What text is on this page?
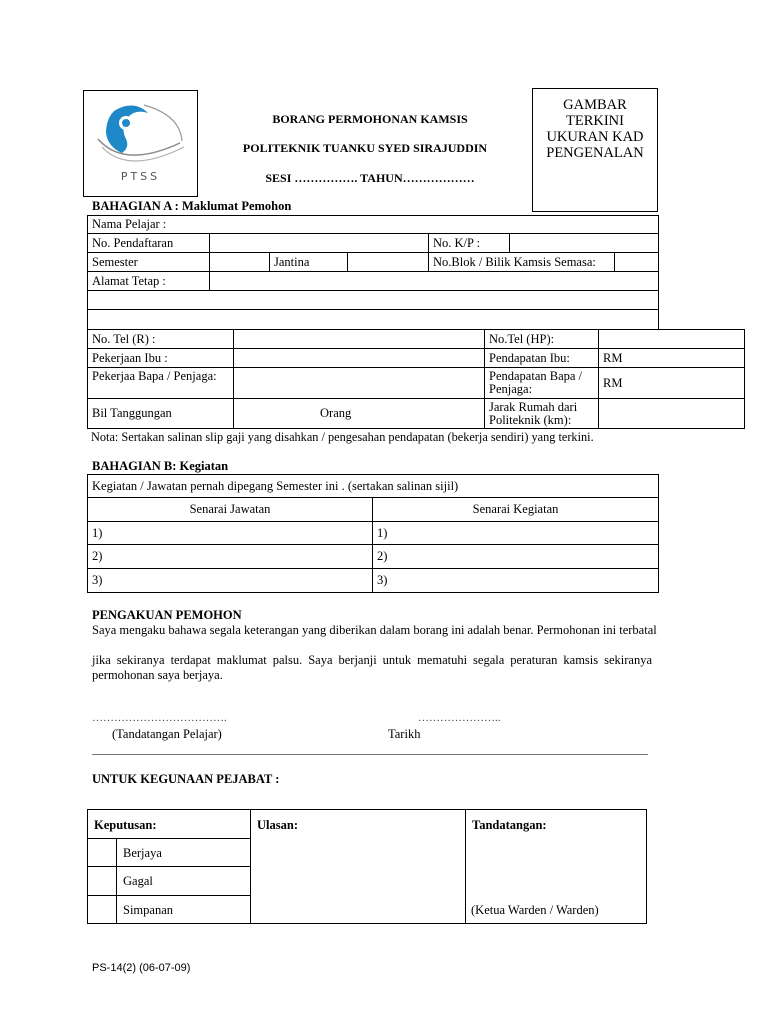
PTSS
BORANG PERMOHONAN KAMSIS
POLITEKNIK TUANKU SYED SIRAJUDDIN
SESI ……………. TAHUN………………
GAMBAR
TERKINI
UKURAN KAD
PENGENALAN
BAHAGIAN A : Maklumat Pemohon
Nama Pelajar :						
No. Pendaftaran				No. K/P :		
Semester		Jantina		No.Blok / Bilik Kamsis Semasa:		
Alamat Tetap :						

No. Tel (R) :		No.Tel (HP):	
Pekerjaan Ibu :		Pendapatan Ibu:	RM
Pekerjaa Bapa / Penjaga:		Pendapatan Bapa / Penjaga:	RM
Bil Tanggungan	Orang	Jarak Rumah dari Politeknik (km):	
Nota: Sertakan salinan slip gaji yang disahkan / pengesahan pendapatan (bekerja sendiri) yang terkini.
BAHAGIAN B: Kegiatan
Kegiatan / Jawatan pernah dipegang Semester ini . (sertakan salinan sijil)	
Senarai Jawatan	Senarai Kegiatan
1)	1)
2)	2)
3)	3)
PENGAKUAN PEMOHON
Saya mengaku bahawa segala keterangan yang diberikan dalam borang ini adalah benar. Permohonan ini terbatal
jika sekiranya terdapat maklumat palsu. Saya berjanji untuk mematuhi segala peraturan kamsis sekiranya permohonan saya berjaya.
……………………………….	…………………..
(Tandatangan Pelajar)	Tarikh
UNTUK KEGUNAAN PEJABAT :
Keputusan:	Ulasan:	Tandatangan:
Berjaya
Gagal
Simpanan	(Ketua Warden / Warden)
PS-14(2) (06-07-09)
